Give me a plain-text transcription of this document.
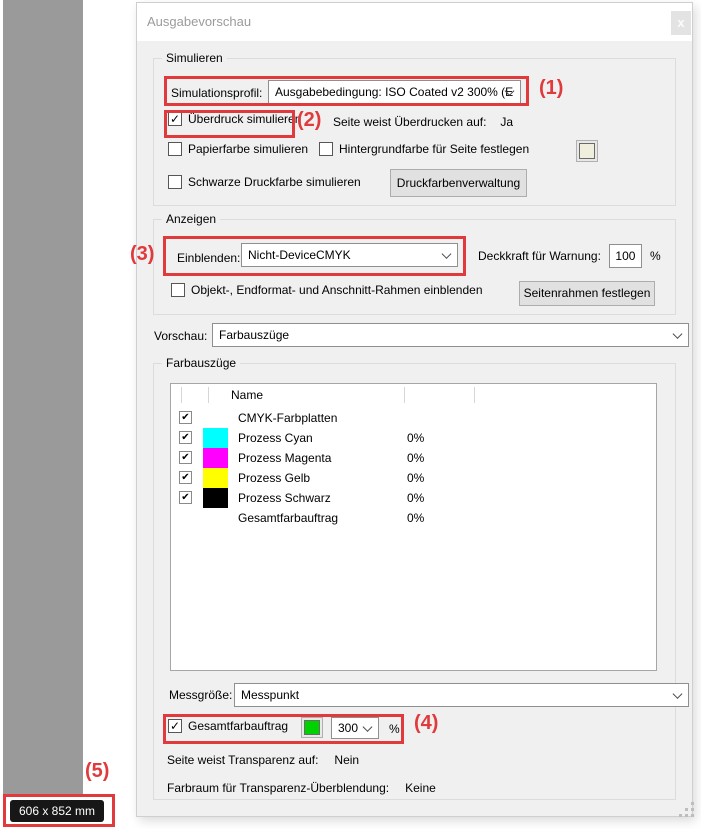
Ausgabevorschau	x
Simulieren
Simulationsprofil:	Ausgabebedingung: ISO Coated v2 300% (E	(1)
✓
Überdruck simulieren
(2) Seite weist Überdrucken auf: Ja
Papierfarbe simulieren	Hintergrundfarbe für Seite festlegen
Schwarze Druckfarbe simulieren	Druckfarbenverwaltung
Anzeigen
(3) Einblenden: Nicht-DeviceCMYK	Deckkraft für Warnung:
100	%
Objekt-, Endformat- und Anschnitt-Rahmen einblenden	Seitenrahmen festlegen
Vorschau: Farbauszüge
Farbauszüge
Name
✔
CMYK-Farbplatten
✔
Prozess Cyan	0%
✔
Prozess Magenta	0%
✔
Prozess Gelb	0%
✔
Prozess Schwarz	0%
Gesamtfarbauftrag	0%
Messgröße: Messpunkt
✓
Gesamtfarbauftrag	300	% (4)
Seite weist Transparenz auf: Nein
Farbraum für Transparenz-Überblendung: Keine
606 x 852 mm
(5)
